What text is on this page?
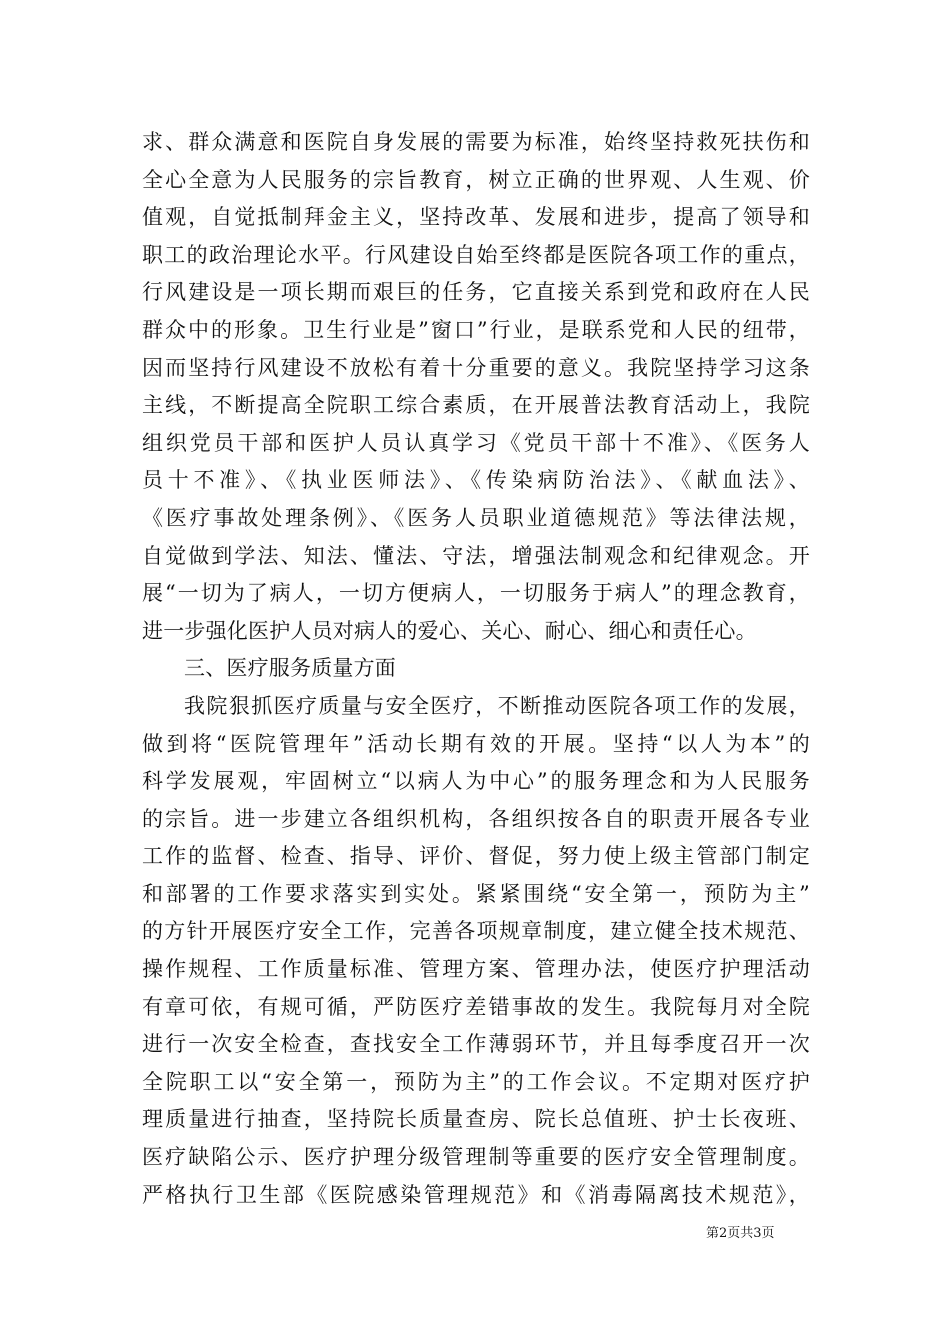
求、群众满意和医院自身发展的需要为标准，始终坚持救死扶伤和
全心全意为人民服务的宗旨教育，树立正确的世界观、人生观、价
值观，自觉抵制拜金主义，坚持改革、发展和进步，提高了领导和
职工的政治理论水平。行风建设自始至终都是医院各项工作的重点，
行风建设是一项长期而艰巨的任务，它直接关系到党和政府在人民
群众中的形象。卫生行业是”窗口”行业，是联系党和人民的纽带，
因而坚持行风建设不放松有着十分重要的意义。我院坚持学习这条
主线，不断提高全院职工综合素质，在开展普法教育活动上，我院
组织党员干部和医护人员认真学习《党员干部十不准》、《医务人
员十不准》、《执业医师法》、《传染病防治法》、《献血法》、
《医疗事故处理条例》、《医务人员职业道德规范》等法律法规，
自觉做到学法、知法、懂法、守法，增强法制观念和纪律观念。开
展“一切为了病人，一切方便病人，一切服务于病人”的理念教育，
进一步强化医护人员对病人的爱心、关心、耐心、细心和责任心。
三、医疗服务质量方面
我院狠抓医疗质量与安全医疗，不断推动医院各项工作的发展，
做到将“医院管理年”活动长期有效的开展。坚持“以人为本”的
科学发展观，牢固树立“以病人为中心”的服务理念和为人民服务
的宗旨。进一步建立各组织机构，各组织按各自的职责开展各专业
工作的监督、检查、指导、评价、督促，努力使上级主管部门制定
和部署的工作要求落实到实处。紧紧围绕“安全第一，预防为主”
的方针开展医疗安全工作，完善各项规章制度，建立健全技术规范、
操作规程、工作质量标准、管理方案、管理办法，使医疗护理活动
有章可依，有规可循，严防医疗差错事故的发生。我院每月对全院
进行一次安全检查，查找安全工作薄弱环节，并且每季度召开一次
全院职工以“安全第一，预防为主”的工作会议。不定期对医疗护
理质量进行抽查，坚持院长质量查房、院长总值班、护士长夜班、
医疗缺陷公示、医疗护理分级管理制等重要的医疗安全管理制度。
严格执行卫生部《医院感染管理规范》和《消毒隔离技术规范》，
第2页共3页
